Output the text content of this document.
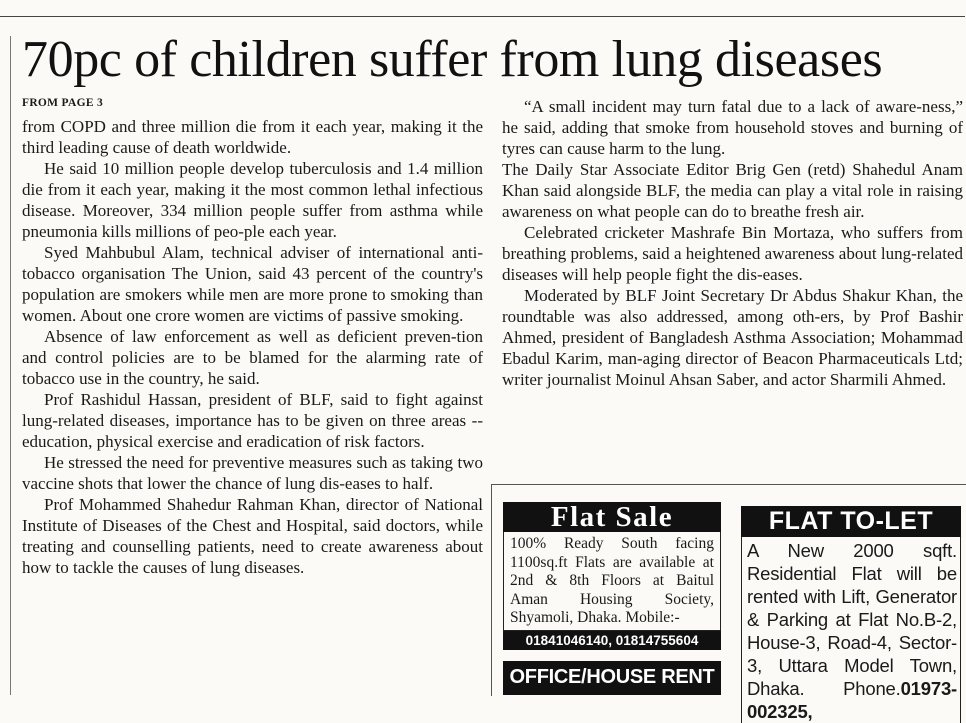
70pc of children suffer from lung diseases
FROM PAGE 3

from COPD and three million die from it each year, making it the third leading cause of death worldwide.

He said 10 million people develop tuberculosis and 1.4 million die from it each year, making it the most common lethal infectious disease. Moreover, 334 million people suffer from asthma while pneumonia kills millions of peo-ple each year.

Syed Mahbubul Alam, technical adviser of international anti-tobacco organisation The Union, said 43 percent of the country's population are smokers while men are more prone to smoking than women. About one crore women are victims of passive smoking.

Absence of law enforcement as well as deficient preven-tion and control policies are to be blamed for the alarming rate of tobacco use in the country, he said.

Prof Rashidul Hassan, president of BLF, said to fight against lung-related diseases, importance has to be given on three areas -- education, physical exercise and eradication of risk factors.

He stressed the need for preventive measures such as taking two vaccine shots that lower the chance of lung dis-eases to half.

Prof Mohammed Shahedur Rahman Khan, director of National Institute of Diseases of the Chest and Hospital, said doctors, while treating and counselling patients, need to create awareness about how to tackle the causes of lung diseases.

“A small incident may turn fatal due to a lack of aware-ness,” he said, adding that smoke from household stoves and burning of tyres can cause harm to the lung.

The Daily Star Associate Editor Brig Gen (retd) Shahedul Anam Khan said alongside BLF, the media can play a vital role in raising awareness on what people can do to breathe fresh air.

Celebrated cricketer Mashrafe Bin Mortaza, who suffers from breathing problems, said a heightened awareness about lung-related diseases will help people fight the dis-eases.

Moderated by BLF Joint Secretary Dr Abdus Shakur Khan, the roundtable was also addressed, among oth-ers, by Prof Bashir Ahmed, president of Bangladesh Asthma Association; Mohammad Ebadul Karim, man-aging director of Beacon Pharmaceuticals Ltd; writer journalist Moinul Ahsan Saber, and actor Sharmili Ahmed.

Flat Sale
100% Ready South facing 1100sq.ft Flats are available at 2nd & 8th Floors at Baitul Aman Housing Society, Shyamoli, Dhaka. Mobile:-
01841046140, 01814755604
OFFICE/HOUSE RENT
FLAT TO-LET
A New 2000 sqft. Residential Flat will be rented with Lift, Generator & Parking at Flat No.B-2, House-3, Road-4, Sector-3, Uttara Model Town, Dhaka. Phone.01973-002325,
